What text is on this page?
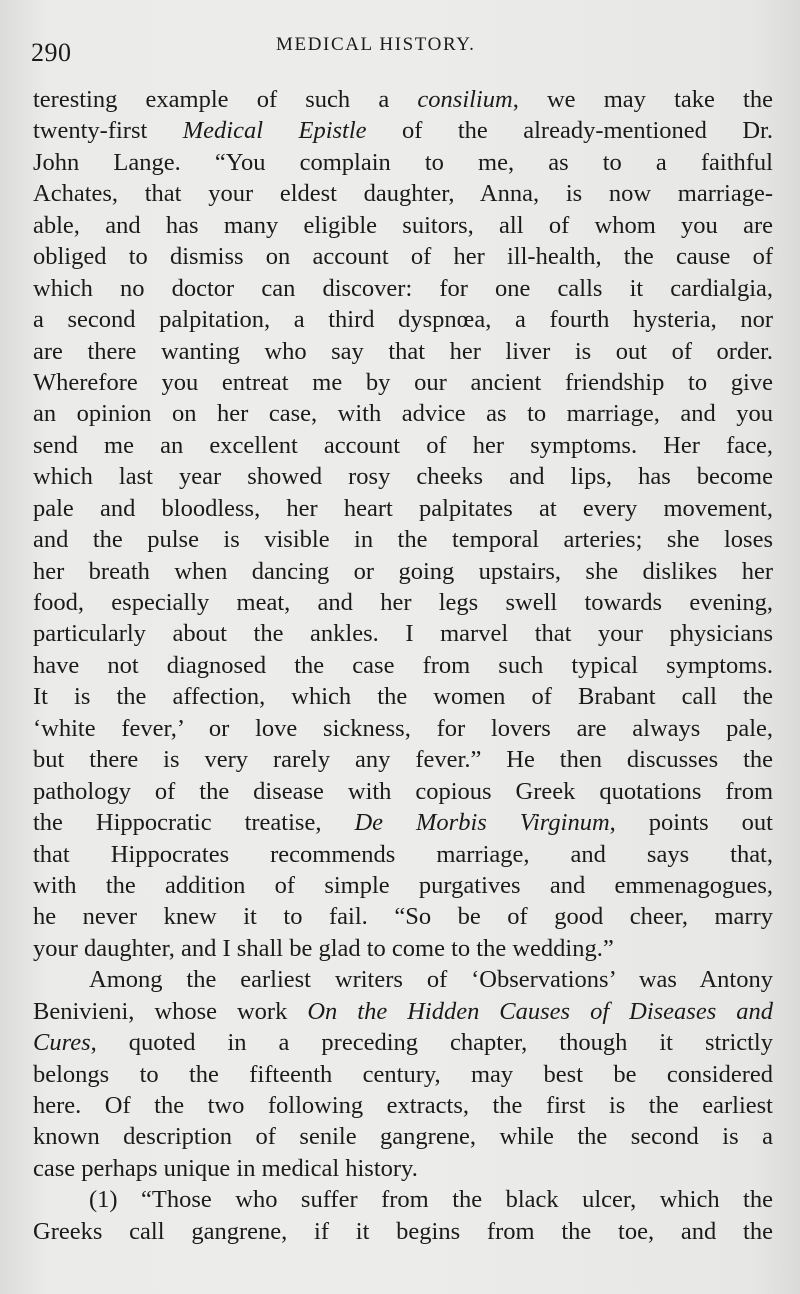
290	MEDICAL HISTORY.
teresting example of such a consilium, we may take the
twenty-first Medical Epistle of the already-mentioned Dr.
John Lange. “You complain to me, as to a faithful
Achates, that your eldest daughter, Anna, is now marriage-
able, and has many eligible suitors, all of whom you are
obliged to dismiss on account of her ill-health, the cause of
which no doctor can discover: for one calls it cardialgia,
a second palpitation, a third dyspnœa, a fourth hysteria, nor
are there wanting who say that her liver is out of order.
Wherefore you entreat me by our ancient friendship to give
an opinion on her case, with advice as to marriage, and you
send me an excellent account of her symptoms. Her face,
which last year showed rosy cheeks and lips, has become
pale and bloodless, her heart palpitates at every movement,
and the pulse is visible in the temporal arteries; she loses
her breath when dancing or going upstairs, she dislikes her
food, especially meat, and her legs swell towards evening,
particularly about the ankles. I marvel that your physicians
have not diagnosed the case from such typical symptoms.
It is the affection, which the women of Brabant call the
‘white fever,’ or love sickness, for lovers are always pale,
but there is very rarely any fever.” He then discusses the
pathology of the disease with copious Greek quotations from
the Hippocratic treatise, De Morbis Virginum, points out
that Hippocrates recommends marriage, and says that,
with the addition of simple purgatives and emmenagogues,
he never knew it to fail. “So be of good cheer, marry
your daughter, and I shall be glad to come to the wedding.”
Among the earliest writers of ‘Observations’ was Antony
Benivieni, whose work On the Hidden Causes of Diseases and
Cures, quoted in a preceding chapter, though it strictly
belongs to the fifteenth century, may best be considered
here. Of the two following extracts, the first is the earliest
known description of senile gangrene, while the second is a
case perhaps unique in medical history.
(1) “Those who suffer from the black ulcer, which the
Greeks call gangrene, if it begins from the toe, and the
